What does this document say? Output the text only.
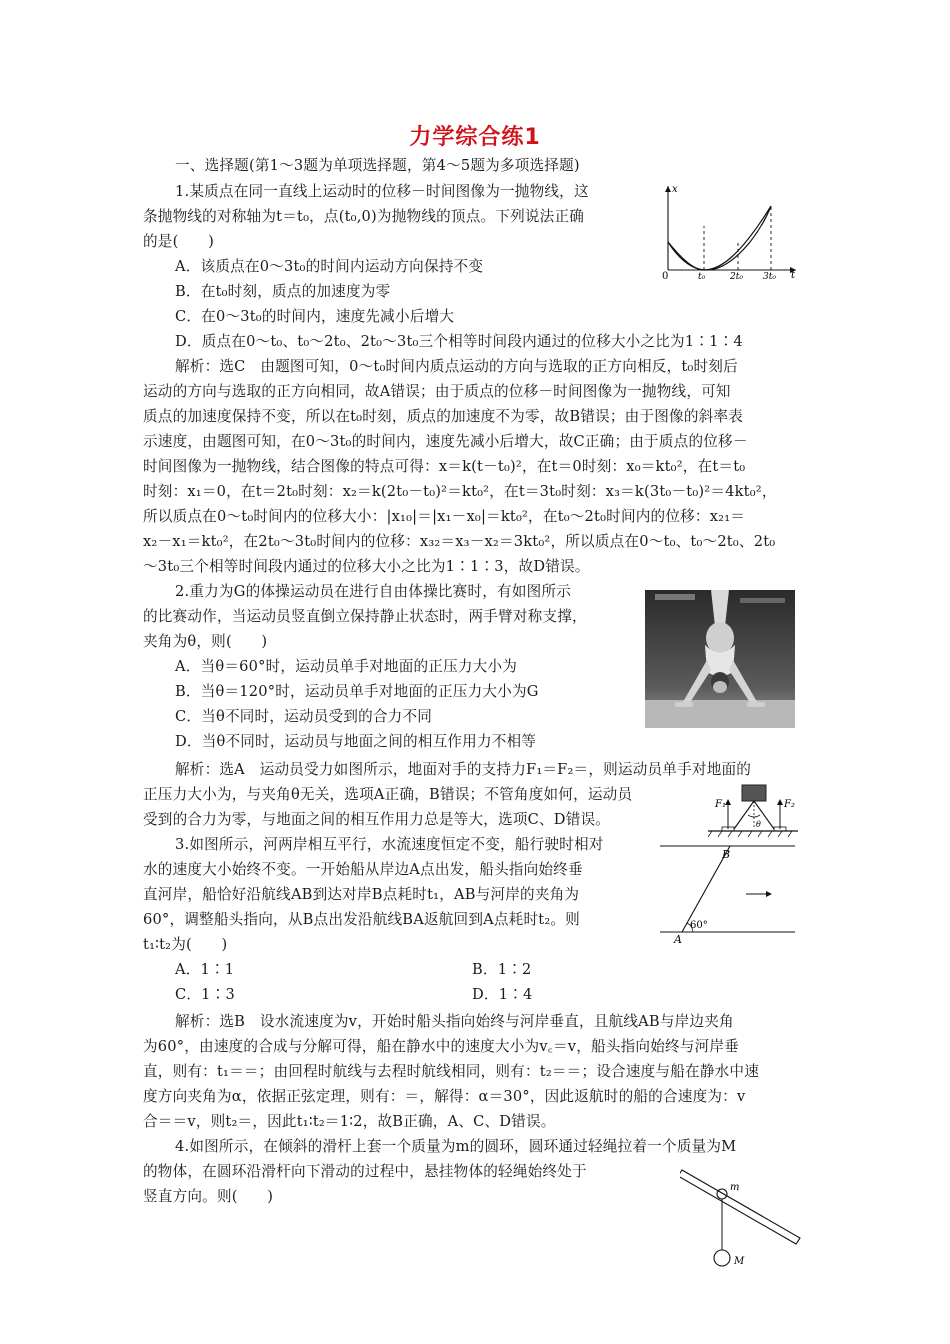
力学综合练1
一、选择题(第1～3题为单项选择题，第4～5题为多项选择题)
1.某质点在同一直线上运动时的位移－时间图像为一抛物线，这
条抛物线的对称轴为t＝t₀，点(t₀,0)为抛物线的顶点。下列说法正确
的是(　　)
A．该质点在0～3t₀的时间内运动方向保持不变
B．在t₀时刻，质点的加速度为零
C．在0～3t₀的时间内，速度先减小后增大
D．质点在0～t₀、t₀～2t₀、2t₀～3t₀三个相等时间段内通过的位移大小之比为1∶1∶4
解析：选C　由题图可知，0～t₀时间内质点运动的方向与选取的正方向相反，t₀时刻后
运动的方向与选取的正方向相同，故A错误；由于质点的位移－时间图像为一抛物线，可知
质点的加速度保持不变，所以在t₀时刻，质点的加速度不为零，故B错误；由于图像的斜率表
示速度，由题图可知，在0～3t₀的时间内，速度先减小后增大，故C正确；由于质点的位移－
时间图像为一抛物线，结合图像的特点可得：x＝k(t－t₀)²，在t＝0时刻：x₀＝kt₀²，在t＝t₀
时刻：x₁＝0，在t＝2t₀时刻：x₂＝k(2t₀－t₀)²＝kt₀²，在t＝3t₀时刻：x₃＝k(3t₀－t₀)²＝4kt₀²，
所以质点在0～t₀时间内的位移大小：|x₁₀|＝|x₁－x₀|＝kt₀²，在t₀～2t₀时间内的位移：x₂₁＝
x₂－x₁＝kt₀²，在2t₀～3t₀时间内的位移：x₃₂＝x₃－x₂＝3kt₀²，所以质点在0～t₀、t₀～2t₀、2t₀
～3t₀三个相等时间段内通过的位移大小之比为1∶1∶3，故D错误。
x
t
0	t₀	2t₀ 3t₀
2.重力为G的体操运动员在进行自由体操比赛时，有如图所示
的比赛动作，当运动员竖直倒立保持静止状态时，两手臂对称支撑，
夹角为θ，则(　　)
A．当θ＝60°时，运动员单手对地面的正压力大小为
B．当θ＝120°时，运动员单手对地面的正压力大小为G
C．当θ不同时，运动员受到的合力不同
D．当θ不同时，运动员与地面之间的相互作用力不相等
解析：选A　运动员受力如图所示，地面对手的支持力F₁＝F₂＝，则运动员单手对地面的
正压力大小为，与夹角θ无关，选项A正确，B错误；不管角度如何，运动员
受到的合力为零，与地面之间的相互作用力总是等大，选项C、D错误。
F₁	F₂
θ
3.如图所示，河两岸相互平行，水流速度恒定不变，船行驶时相对
水的速度大小始终不变。一开始船从岸边A点出发，船头指向始终垂
直河岸，船恰好沿航线AB到达对岸B点耗时t₁，AB与河岸的夹角为
60°，调整船头指向，从B点出发沿航线BA返航回到A点耗时t₂。则
t₁∶t₂为(　　)
A．1∶1	B．1∶2
C．1∶3	D．1∶4
解析：选B　设水流速度为v，开始时船头指向始终与河岸垂直，且航线AB与岸边夹角
为60°，由速度的合成与分解可得，船在静水中的速度大小为v꜀＝v，船头指向始终与河岸垂
直，则有：t₁＝＝；由回程时航线与去程时航线相同，则有：t₂＝＝；设合速度与船在静水中速
度方向夹角为α，依据正弦定理，则有：＝，解得：α＝30°，因此返航时的船的合速度为：v
合＝＝v，则t₂＝，因此t₁∶t₂＝1∶2，故B正确，A、C、D错误。
B
A
60°
4.如图所示，在倾斜的滑杆上套一个质量为m的圆环，圆环通过轻绳拉着一个质量为M
的物体，在圆环沿滑杆向下滑动的过程中，悬挂物体的轻绳始终处于
竖直方向。则(　　)
m
M
